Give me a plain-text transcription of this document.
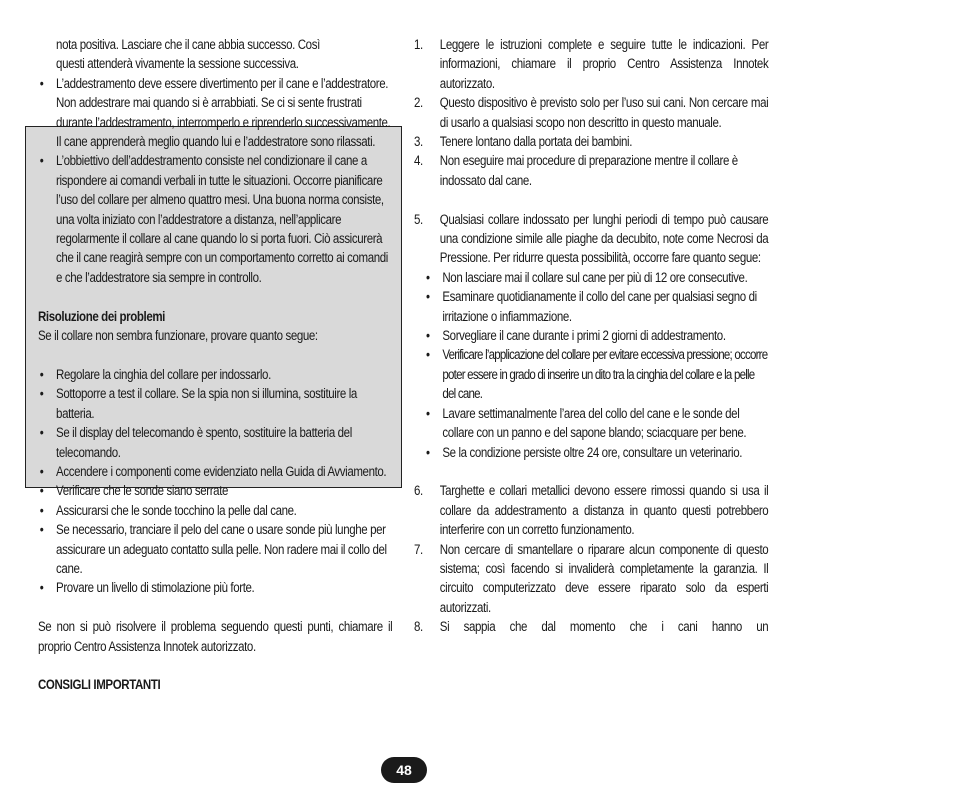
nota positiva. Lasciare che il cane abbia successo. Così

questi attenderà vivamente la sessione successiva.

• L’addestramento deve essere divertimento per il cane e l’addestratore. Non addestrare mai quando si è arrabbiati. Se ci si sente frustrati durante l’addestramento, interromperlo e riprenderlo successivamente. Il cane apprenderà meglio quando lui e l’addestratore sono rilassati.

• L’obbiettivo dell’addestramento consiste nel condizionare il cane a rispondere ai comandi verbali in tutte le situazioni. Occorre pianificare l’uso del collare per almeno quattro mesi. Una buona norma consiste, una volta iniziato con l’addestratore a distanza, nell’applicare regolarmente il collare al cane quando lo si porta fuori. Ciò assicurerà che il cane reagirà sempre con un comportamento corretto ai comandi e che l’addestratore sia sempre in controllo.

Risoluzione dei problemi

Se il collare non sembra funzionare, provare quanto segue:

• Regolare la cinghia del collare per indossarlo.

• Sottoporre a test il collare. Se la spia non si illumina, sostituire la batteria.

• Se il display del telecomando è spento, sostituire la batteria del telecomando.

• Accendere i componenti come evidenziato nella Guida di Avviamento.

• Verificare che le sonde siano serrate

• Assicurarsi che le sonde tocchino la pelle dal cane.

• Se necessario, tranciare il pelo del cane o usare sonde più lunghe per assicurare un adeguato contatto sulla pelle. Non radere mai il collo del cane.

• Provare un livello di stimolazione più forte.

Se non si può risolvere il problema seguendo questi punti, chiamare il proprio Centro Assistenza Innotek autorizzato.

CONSIGLI IMPORTANTI

1. Leggere le istruzioni complete e seguire tutte le indicazioni. Per informazioni, chiamare il proprio Centro Assistenza Innotek autorizzato.

2. Questo dispositivo è previsto solo per l’uso sui cani. Non cercare mai di usarlo a qualsiasi scopo non descritto in questo manuale.

3. Tenere lontano dalla portata dei bambini.

4. Non eseguire mai procedure di preparazione mentre il collare è indossato dal cane.

5. Qualsiasi collare indossato per lunghi periodi di tempo può causare una condizione simile alle piaghe da decubito, note come Necrosi da Pressione. Per ridurre questa possibilità, occorre fare quanto segue:

• Non lasciare mai il collare sul cane per più di 12 ore consecutive.

• Esaminare quotidianamente il collo del cane per qualsiasi segno di irritazione o infiammazione.

• Sorvegliare il cane durante i primi 2 giorni di addestramento.

• Verificare l’applicazione del collare per evitare eccessiva pressione; occorre poter essere in grado di inserire un dito tra la cinghia del collare e la pelle del cane.

• Lavare settimanalmente l’area del collo del cane e le sonde del collare con un panno e del sapone blando; sciacquare per bene.

• Se la condizione persiste oltre 24 ore, consultare un veterinario.

6. Targhette e collari metallici devono essere rimossi quando si usa il collare da addestramento a distanza in quanto questi potrebbero interferire con un corretto funzionamento.

7. Non cercare di smantellare o riparare alcun componente di questo sistema; così facendo si invaliderà completamente la garanzia. Il circuito computerizzato deve essere riparato solo da esperti autorizzati.

8. Si sappia che dal momento che i cani hanno un

48
